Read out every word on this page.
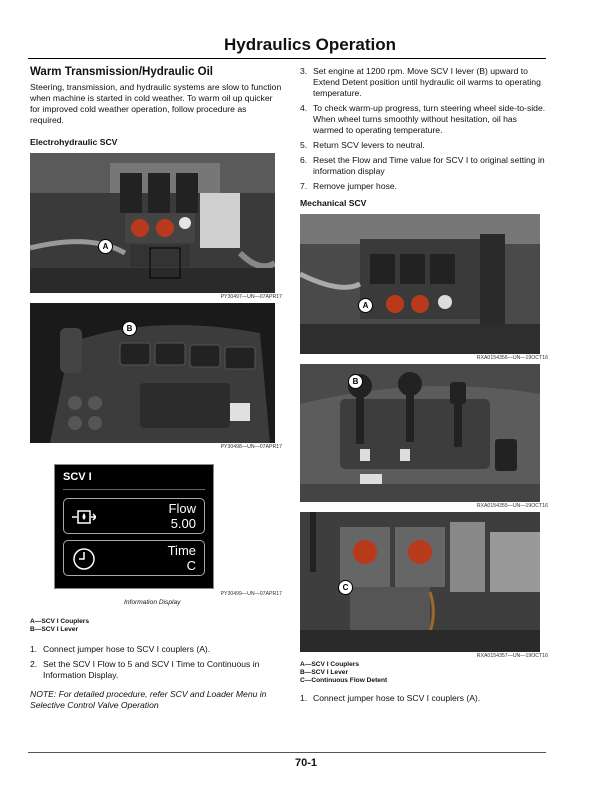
Hydraulics Operation
Warm Transmission/Hydraulic Oil

Steering, transmission, and hydraulic systems are slow to function when machine is started in cold weather. To warm oil up quicker for improved cold weather operation, follow procedure as required.

Electrohydraulic SCV
A
PY30497—UN—07APR17
B
PY30498—UN—07APR17
SCV I
Flow
5.00
Time
C
PY30499—UN—07APR17
Information Display
A—SCV I Couplers
B—SCV I Lever
1. Connect jumper hose to SCV I couplers (A).
2. Set the SCV I Flow to 5 and SCV I Time to Continuous in Information Display.

NOTE: For detailed procedure, refer SCV and Loader Menu in Selective Control Valve Operation

3. Set engine at 1200 rpm. Move SCV I lever (B) upward to Extend Detent position until hydraulic oil warms to operating temperature.
4. To check warm-up progress, turn steering wheel side-to-side. When wheel turns smoothly without hesitation, oil has warmed to operating temperature.
5. Return SCV levers to neutral.
6. Reset the Flow and Time value for SCV I to original setting in information display
7. Remove jumper hose.
Mechanical SCV
A
RXA0154356—UN—19OCT16
B
RXA0154355—UN—19OCT16
C
RXA0154357—UN—19OCT16
A—SCV I Couplers
B—SCV I Lever
C—Continuous Flow Detent
1. Connect jumper hose to SCV I couplers (A).
70-1
